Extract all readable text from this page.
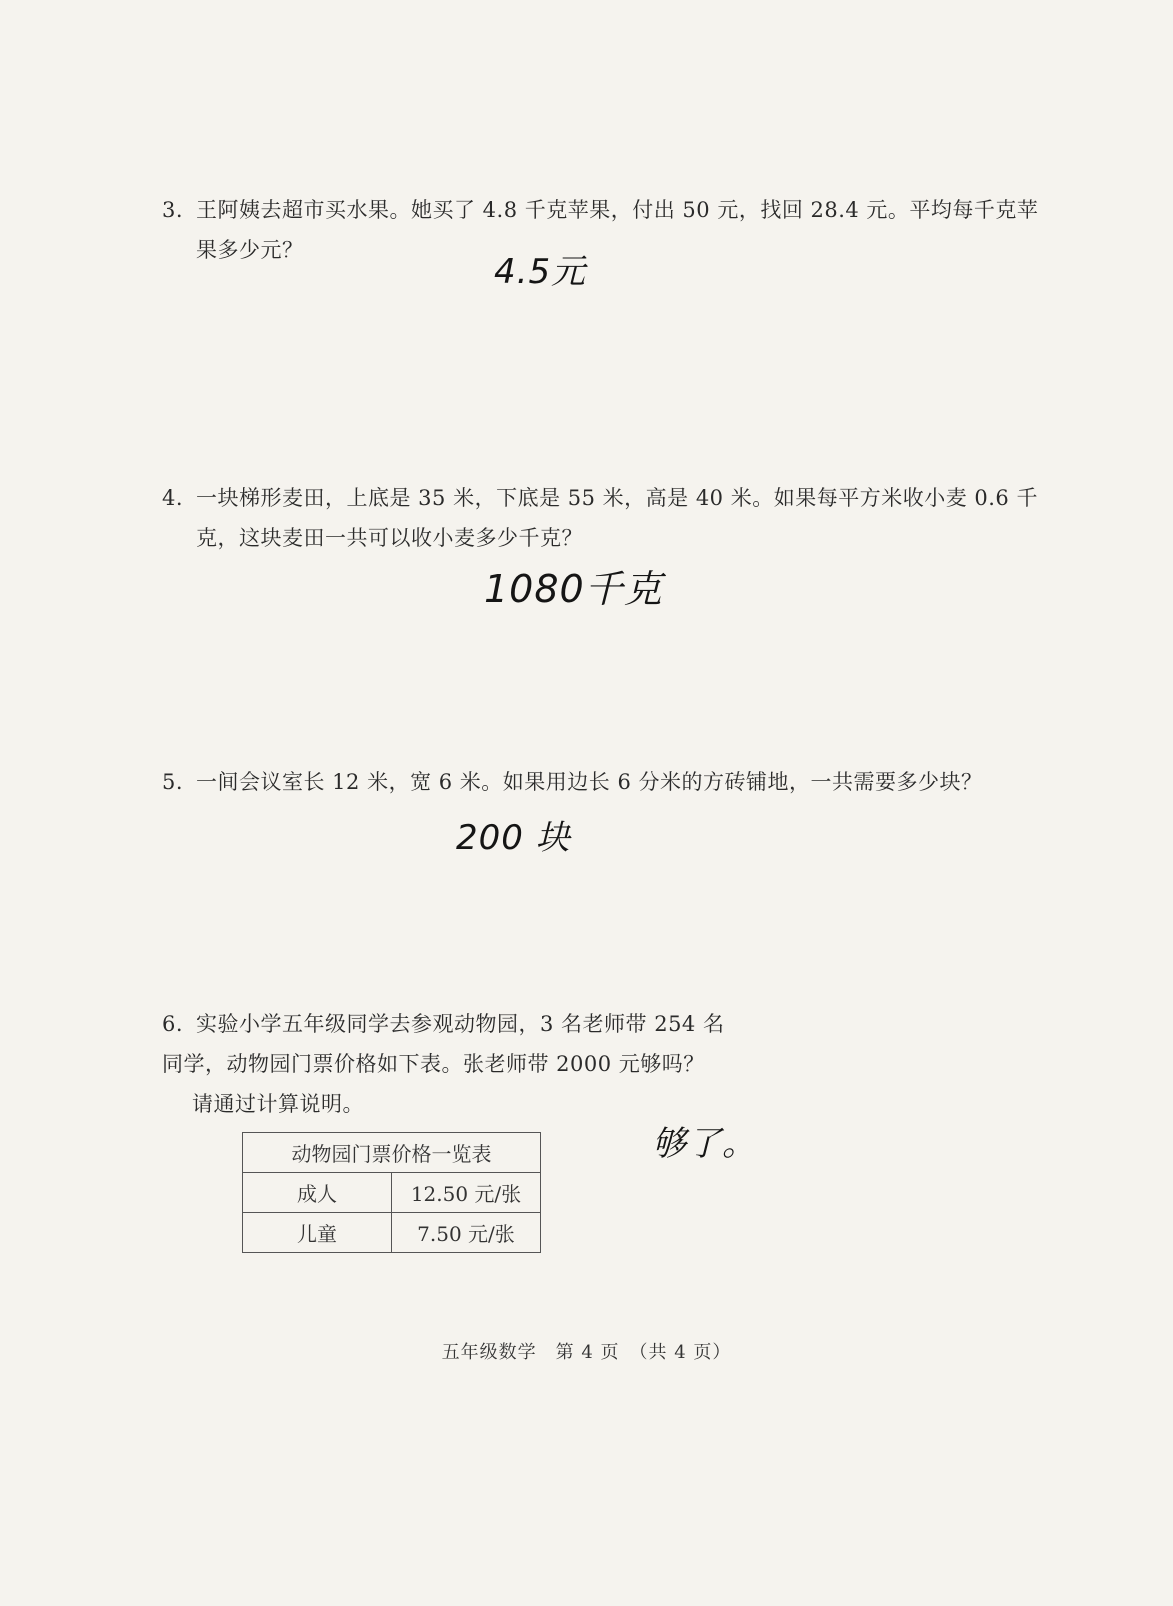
3. 王阿姨去超市买水果。她买了 4.8 千克苹果，付出 50 元，找回 28.4 元。平均每千克苹
果多少元？
4.5元
4. 一块梯形麦田，上底是 35 米，下底是 55 米，高是 40 米。如果每平方米收小麦 0.6 千
克，这块麦田一共可以收小麦多少千克？
1080千克
5. 一间会议室长 12 米，宽 6 米。如果用边长 6 分米的方砖铺地，一共需要多少块？
200 块
6. 实验小学五年级同学去参观动物园，3 名老师带 254 名
同学，动物园门票价格如下表。张老师带 2000 元够吗？
请通过计算说明。
够了。
动物园门票价格一览表	
成人	12.50 元/张
儿童	7.50 元/张
五年级数学　第 4 页　（共 4 页）
